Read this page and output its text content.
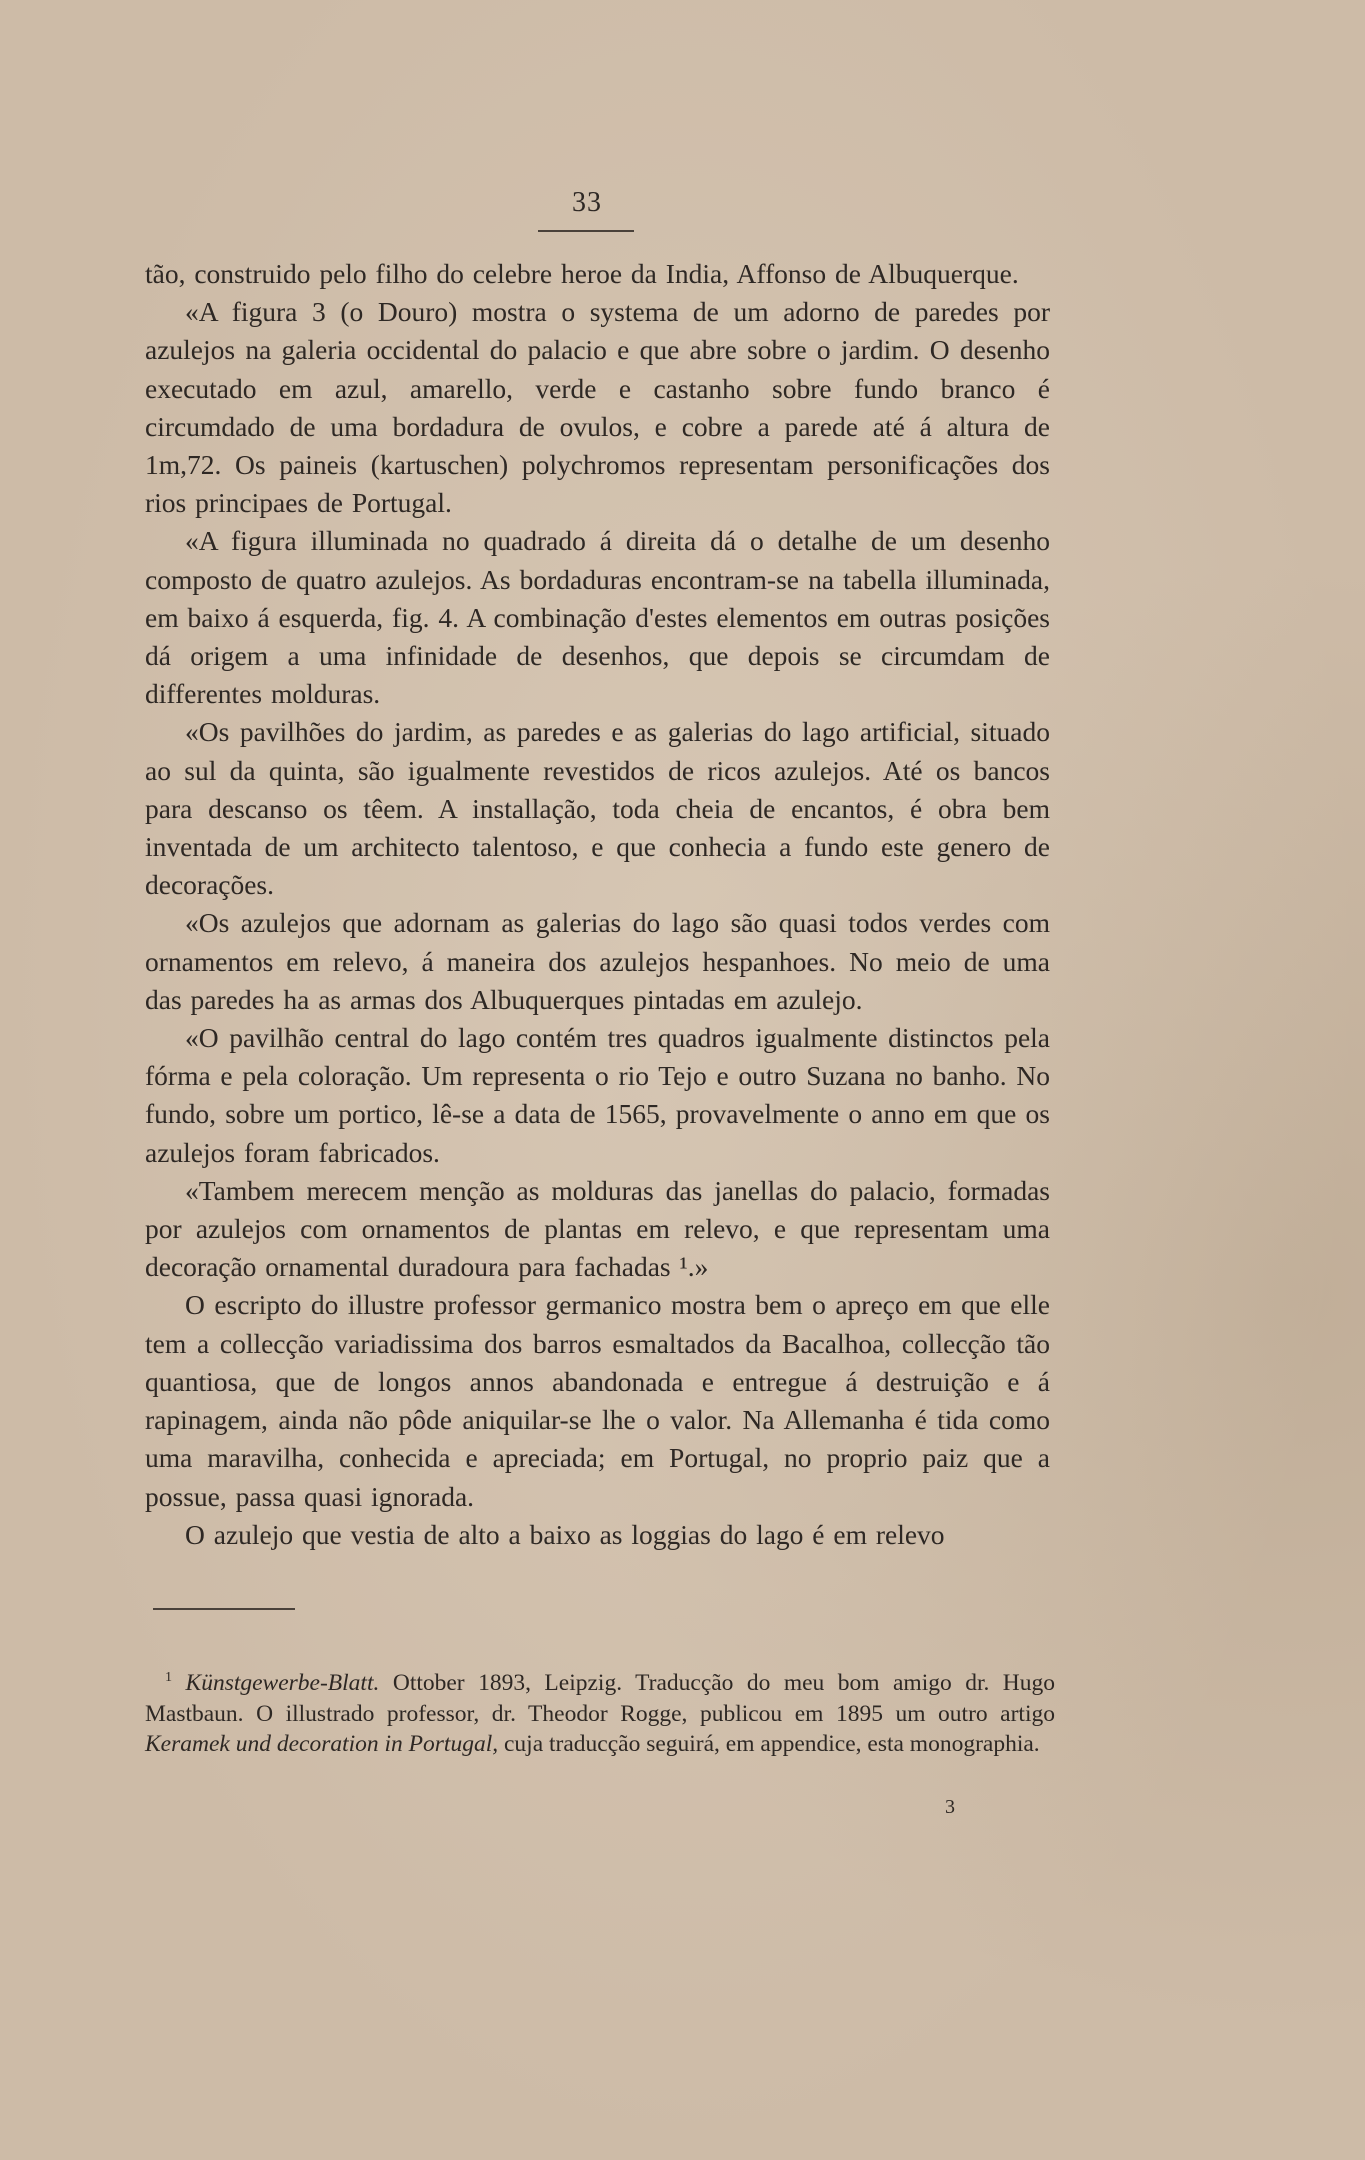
33

tão, construido pelo filho do celebre heroe da India, Affonso de Albuquerque.

«A figura 3 (o Douro) mostra o systema de um adorno de paredes por azulejos na galeria occidental do palacio e que abre sobre o jardim. O desenho executado em azul, amarello, verde e castanho sobre fundo branco é circumdado de uma bordadura de ovulos, e cobre a parede até á altura de 1m,72. Os paineis (kartuschen) polychromos representam personificações dos rios principaes de Portugal.

«A figura illuminada no quadrado á direita dá o detalhe de um desenho composto de quatro azulejos. As bordaduras encontram-se na tabella illuminada, em baixo á esquerda, fig. 4. A combinação d'estes elementos em outras posições dá origem a uma infinidade de desenhos, que depois se circumdam de differentes molduras.

«Os pavilhões do jardim, as paredes e as galerias do lago artificial, situado ao sul da quinta, são igualmente revestidos de ricos azulejos. Até os bancos para descanso os têem. A installação, toda cheia de encantos, é obra bem inventada de um architecto talentoso, e que conhecia a fundo este genero de decorações.

«Os azulejos que adornam as galerias do lago são quasi todos verdes com ornamentos em relevo, á maneira dos azulejos hespanhoes. No meio de uma das paredes ha as armas dos Albuquerques pintadas em azulejo.

«O pavilhão central do lago contém tres quadros igualmente distinctos pela fórma e pela coloração. Um representa o rio Tejo e outro Suzana no banho. No fundo, sobre um portico, lê-se a data de 1565, provavelmente o anno em que os azulejos foram fabricados.

«Tambem merecem menção as molduras das janellas do palacio, formadas por azulejos com ornamentos de plantas em relevo, e que representam uma decoração ornamental duradoura para fachadas ¹.»

O escripto do illustre professor germanico mostra bem o apreço em que elle tem a collecção variadissima dos barros esmaltados da Bacalhoa, collecção tão quantiosa, que de longos annos abandonada e entregue á destruição e á rapinagem, ainda não pôde aniquilar-se lhe o valor. Na Allemanha é tida como uma maravilha, conhecida e apreciada; em Portugal, no proprio paiz que a possue, passa quasi ignorada.

O azulejo que vestia de alto a baixo as loggias do lago é em relevo

$^1$ Künstgewerbe-Blatt. Ottober 1893, Leipzig. Traducção do meu bom amigo dr. Hugo Mastbaun. O illustrado professor, dr. Theodor Rogge, publicou em 1895 um outro artigo Keramek und decoration in Portugal, cuja traducção seguirá, em appendice, esta monographia.

3
